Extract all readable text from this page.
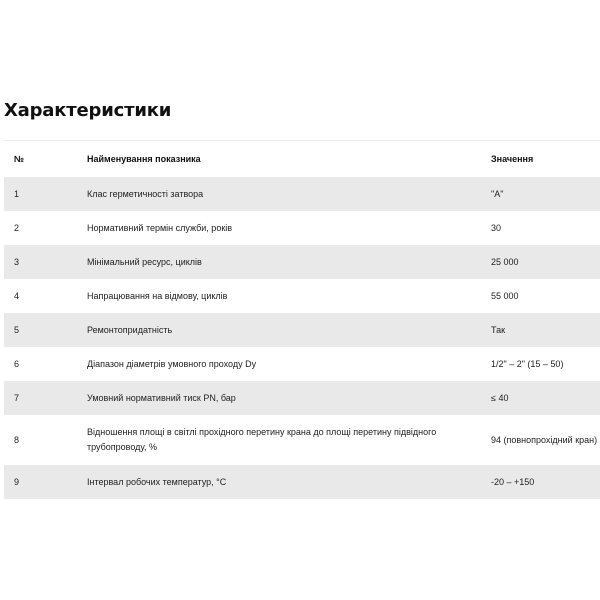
Характеристики
№	Найменування показника	Значення
1	Клас герметичності затвора	"А"
2	Нормативний термін служби, років	30
3	Мінімальний ресурс, циклів	25 000
4	Напрацювання на відмову, циклів	55 000
5	Ремонтопридатність	Так
6	Діапазон діаметрів умовного проходу Dy	1/2" – 2" (15 – 50)
7	Умовний нормативний тиск PN, бар	≤ 40
8	Відношення площі в світлі прохідного перетину крана до площі перетину підвідного трубопроводу, %	94 (повнопрохідний кран)
9	Інтервал робочих температур, °С	-20 – +150
